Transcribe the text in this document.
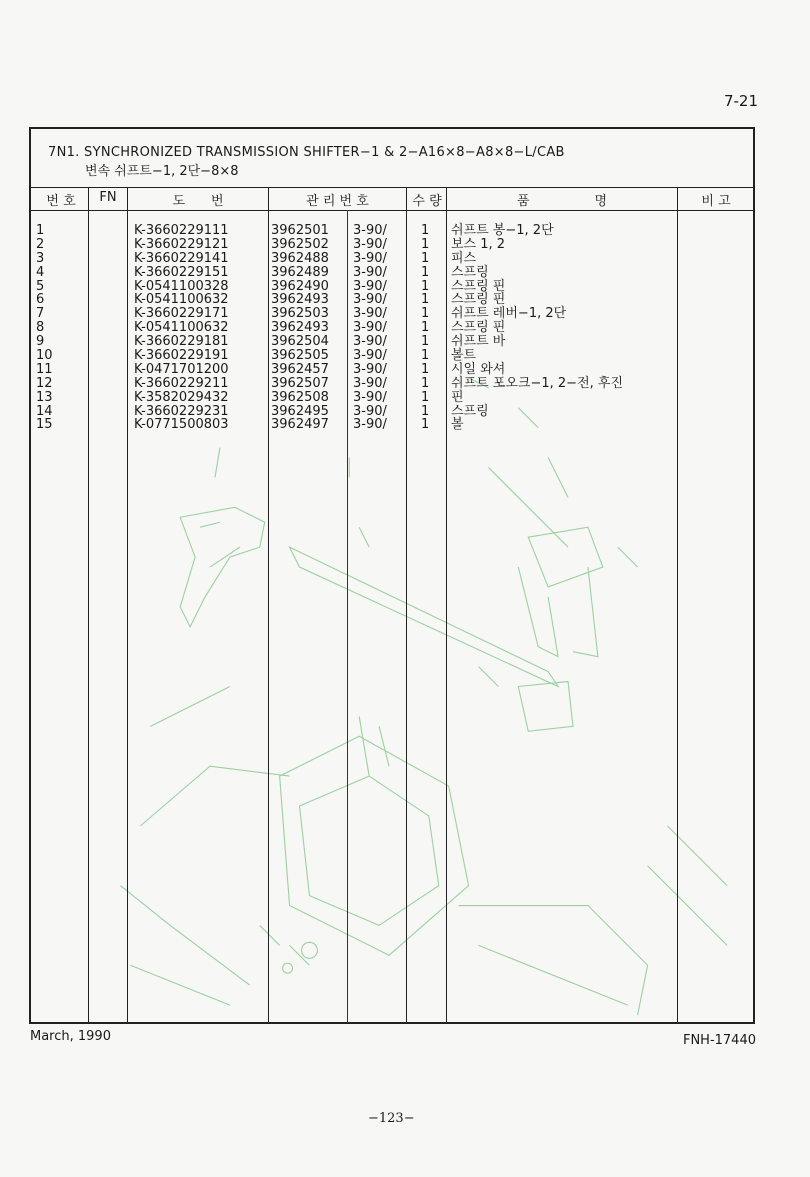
7-21
7N1. SYNCHRONIZED TRANSMISSION SHIFTER−1 & 2−A16×8−A8×8−L/CAB
변속 쉬프트−1, 2단−8×8
번 호	FN	도　　번	관 리 번 호	수 량	품　　　　　명	비 고
1	K-3660229111	3962501 3-90/	1 쉬프트 봉−1, 2단
2	K-3660229121	3962502 3-90/	1 보스 1, 2
3	K-3660229141	3962488 3-90/	1 피스
4	K-3660229151	3962489 3-90/	1 스프링
5	K-0541100328	3962490 3-90/	1 스프링 핀
6	K-0541100632	3962493 3-90/	1 스프링 핀
7	K-3660229171	3962503 3-90/	1 쉬프트 레버−1, 2단
8	K-0541100632	3962493 3-90/	1 스프링 핀
9	K-3660229181	3962504 3-90/	1 쉬프트 바
10	K-3660229191	3962505 3-90/	1 볼트
11	K-0471701200	3962457 3-90/	1 시일 와셔
12	K-3660229211	3962507 3-90/	1 쉬프트 포오크−1, 2−전, 후진
13	K-3582029432	3962508 3-90/	1 핀
14	K-3660229231	3962495 3-90/	1 스프링
15	K-0771500803	3962497 3-90/	1 볼
March, 1990	FNH-17440
−123−
